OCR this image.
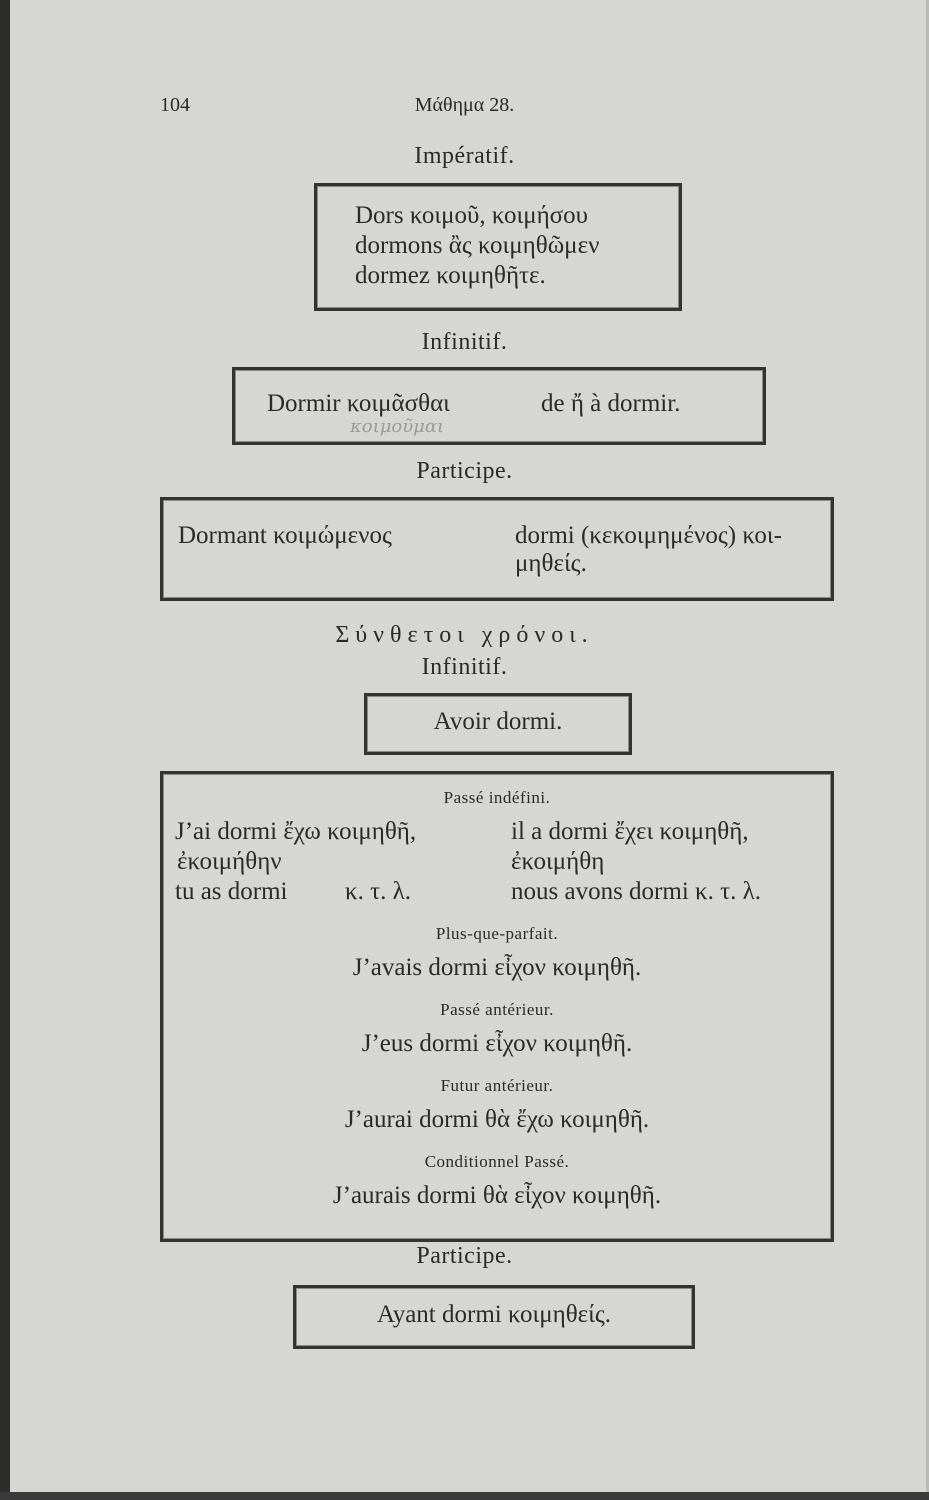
104	Μάθημα 28.
Impératif.
Dors κοιμοῦ, κοιμήσου
dormons ἂς κοιμηθῶμεν
dormez κοιμηθῆτε.
Infinitif.
Dormir κοιμᾶσθαι	de ἤ à dormir.
κοιμοῦμαι
Participe.
Dormant κοιμώμενος	dormi (κεκοιμημένος) κοι-
μηθείς.
Σύνθετοι χρόνοι.
Infinitif.
Avoir dormi.
Passé indéfini.
J’ai dormi ἔχω κοιμηθῆ,	il a dormi ἔχει κοιμηθῆ,
ἐκοιμήθην	ἐκοιμήθη
tu as dormi κ. τ. λ.	nous avons dormi κ. τ. λ.
Plus-que-parfait.
J’avais dormi εἶχον κοιμηθῆ.
Passé antérieur.
J’eus dormi εἶχον κοιμηθῆ.
Futur antérieur.
J’aurai dormi θὰ ἔχω κοιμηθῆ.
Conditionnel Passé.
J’aurais dormi θὰ εἶχον κοιμηθῆ.
Participe.
Ayant dormi κοιμηθείς.
